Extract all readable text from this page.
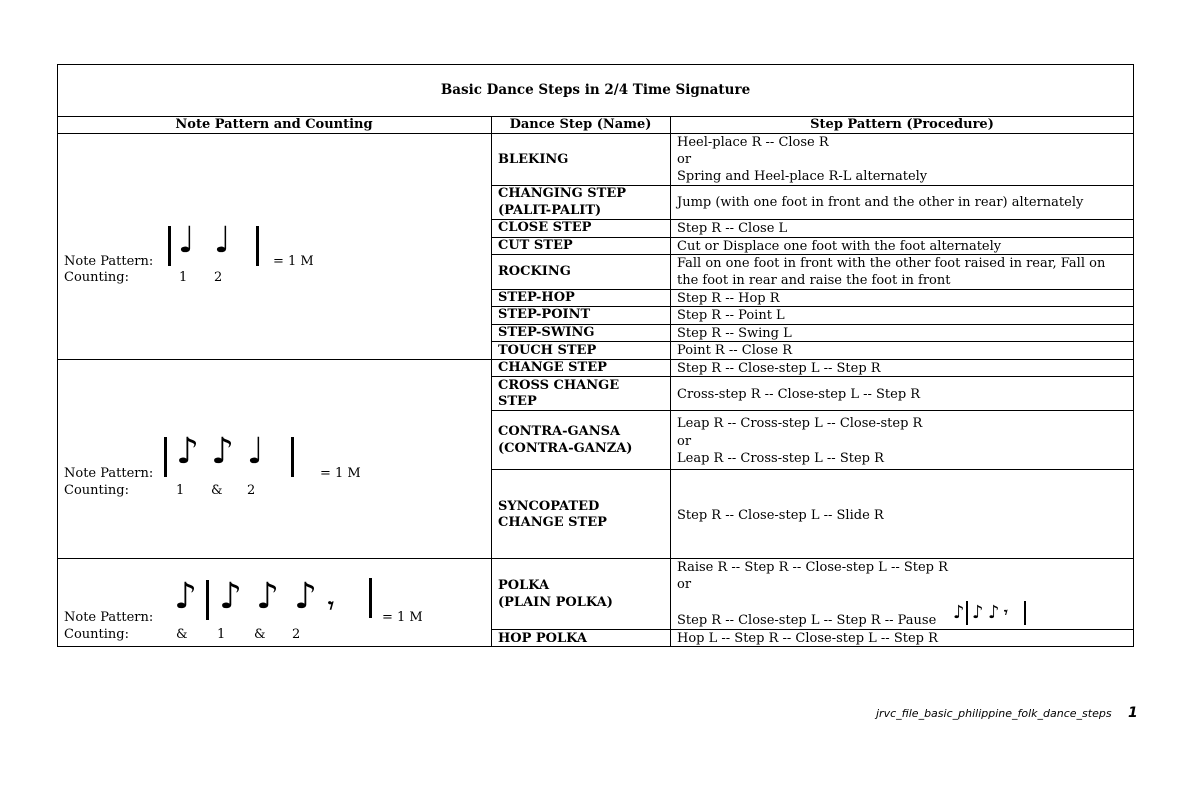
Basic Dance Steps in 2/4 Time Signature
Note Pattern and Counting	Dance Step (Name)	Step Pattern (Procedure)
Note Pattern:
Counting:
= 1 M
♩ ♩
1 2
Note Pattern:
Counting:
= 1 M
♪ ♪ ♩
1 & 2
Note Pattern:
Counting:
= 1 M
♪ ♪ ♪ ♪ 𝄾
& 1 & 2
BLEKING
CHANGING STEP
(PALIT-PALIT)
CLOSE STEP
CUT STEP
ROCKING
STEP-HOP
STEP-POINT
STEP-SWING
TOUCH STEP
CHANGE STEP
CROSS CHANGE
STEP
CONTRA-GANSA
(CONTRA-GANZA)
SYNCOPATED
CHANGE STEP
POLKA
(PLAIN POLKA)
HOP POLKA
Heel-place R -- Close R
or
Spring and Heel-place R-L alternately
Jump (with one foot in front and the other in rear) alternately
Step R -- Close L
Cut or Displace one foot with the foot alternately
Fall on one foot in front with the other foot raised in rear, Fall on
the foot in rear and raise the foot in front
Step R -- Hop R
Step R -- Point L
Step R -- Swing L
Point R -- Close R
Step R -- Close-step L -- Step R
Cross-step R -- Close-step L -- Step R
Leap R -- Cross-step L -- Close-step R
or
Leap R -- Cross-step L -- Step R
Step R -- Close-step L -- Slide R
Raise R -- Step R -- Close-step L -- Step R
or
Step R -- Close-step L -- Step R -- Pause
Hop L -- Step R -- Close-step L -- Step R
♪ ♪ ♪ 𝄾
jrvc_file_basic_philippine_folk_dance_steps 1
